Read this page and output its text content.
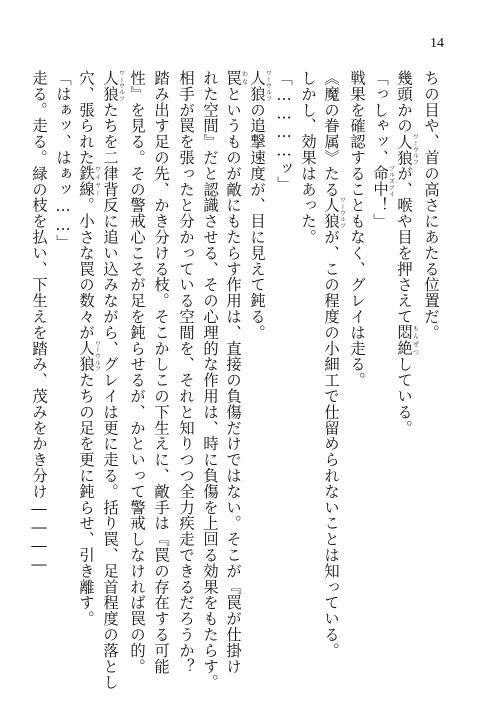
14
ちの目や、首の高さにあたる位置だ。
幾頭かの人狼ワーウルフが、喉や目を押さえて悶絶もんぜつしている。
「っしゃッ、命中ブルズアイ！」
戦果を確認することもなく、グレイは走る。
《魔の眷属》たる人狼ワーウルフが、この程度の小細工で仕留められないことは知っている。
しかし、効果はあった。
「…………ッ」
人狼ワーウルフの追撃速度が、目に見えて鈍る。
罠わなというものが敵にもたらす作用は、直接の負傷だけではない。そこが『罠が仕掛け
れた空間』だと認識させる、その心理的な作用は、時に負傷を上回る効果をもたらす。
相手が罠を張ったと分かっている空間を、それと知りつつ全力疾走できるだろうか？
踏み出す足の先、かき分ける枝。そこかしこの下生えに、敵手は『罠の存在する可能
性』を見る。その警戒心こそが足を鈍らせるが、かといって警戒しなければ罠の的。
人狼ワーウルフたちを二律背反に追い込みながら、グレイは更に走る。括り罠、足首程度の落とし
穴、張られた鉄線ワイヤー。小さな罠の数々が人狼ワーウルフたちの足を更に鈍らせ、引き離す。
「はぁッ、はぁッ……」
走る。走る。緑の枝を払い、下生えを踏み、茂みをかき分け――――
